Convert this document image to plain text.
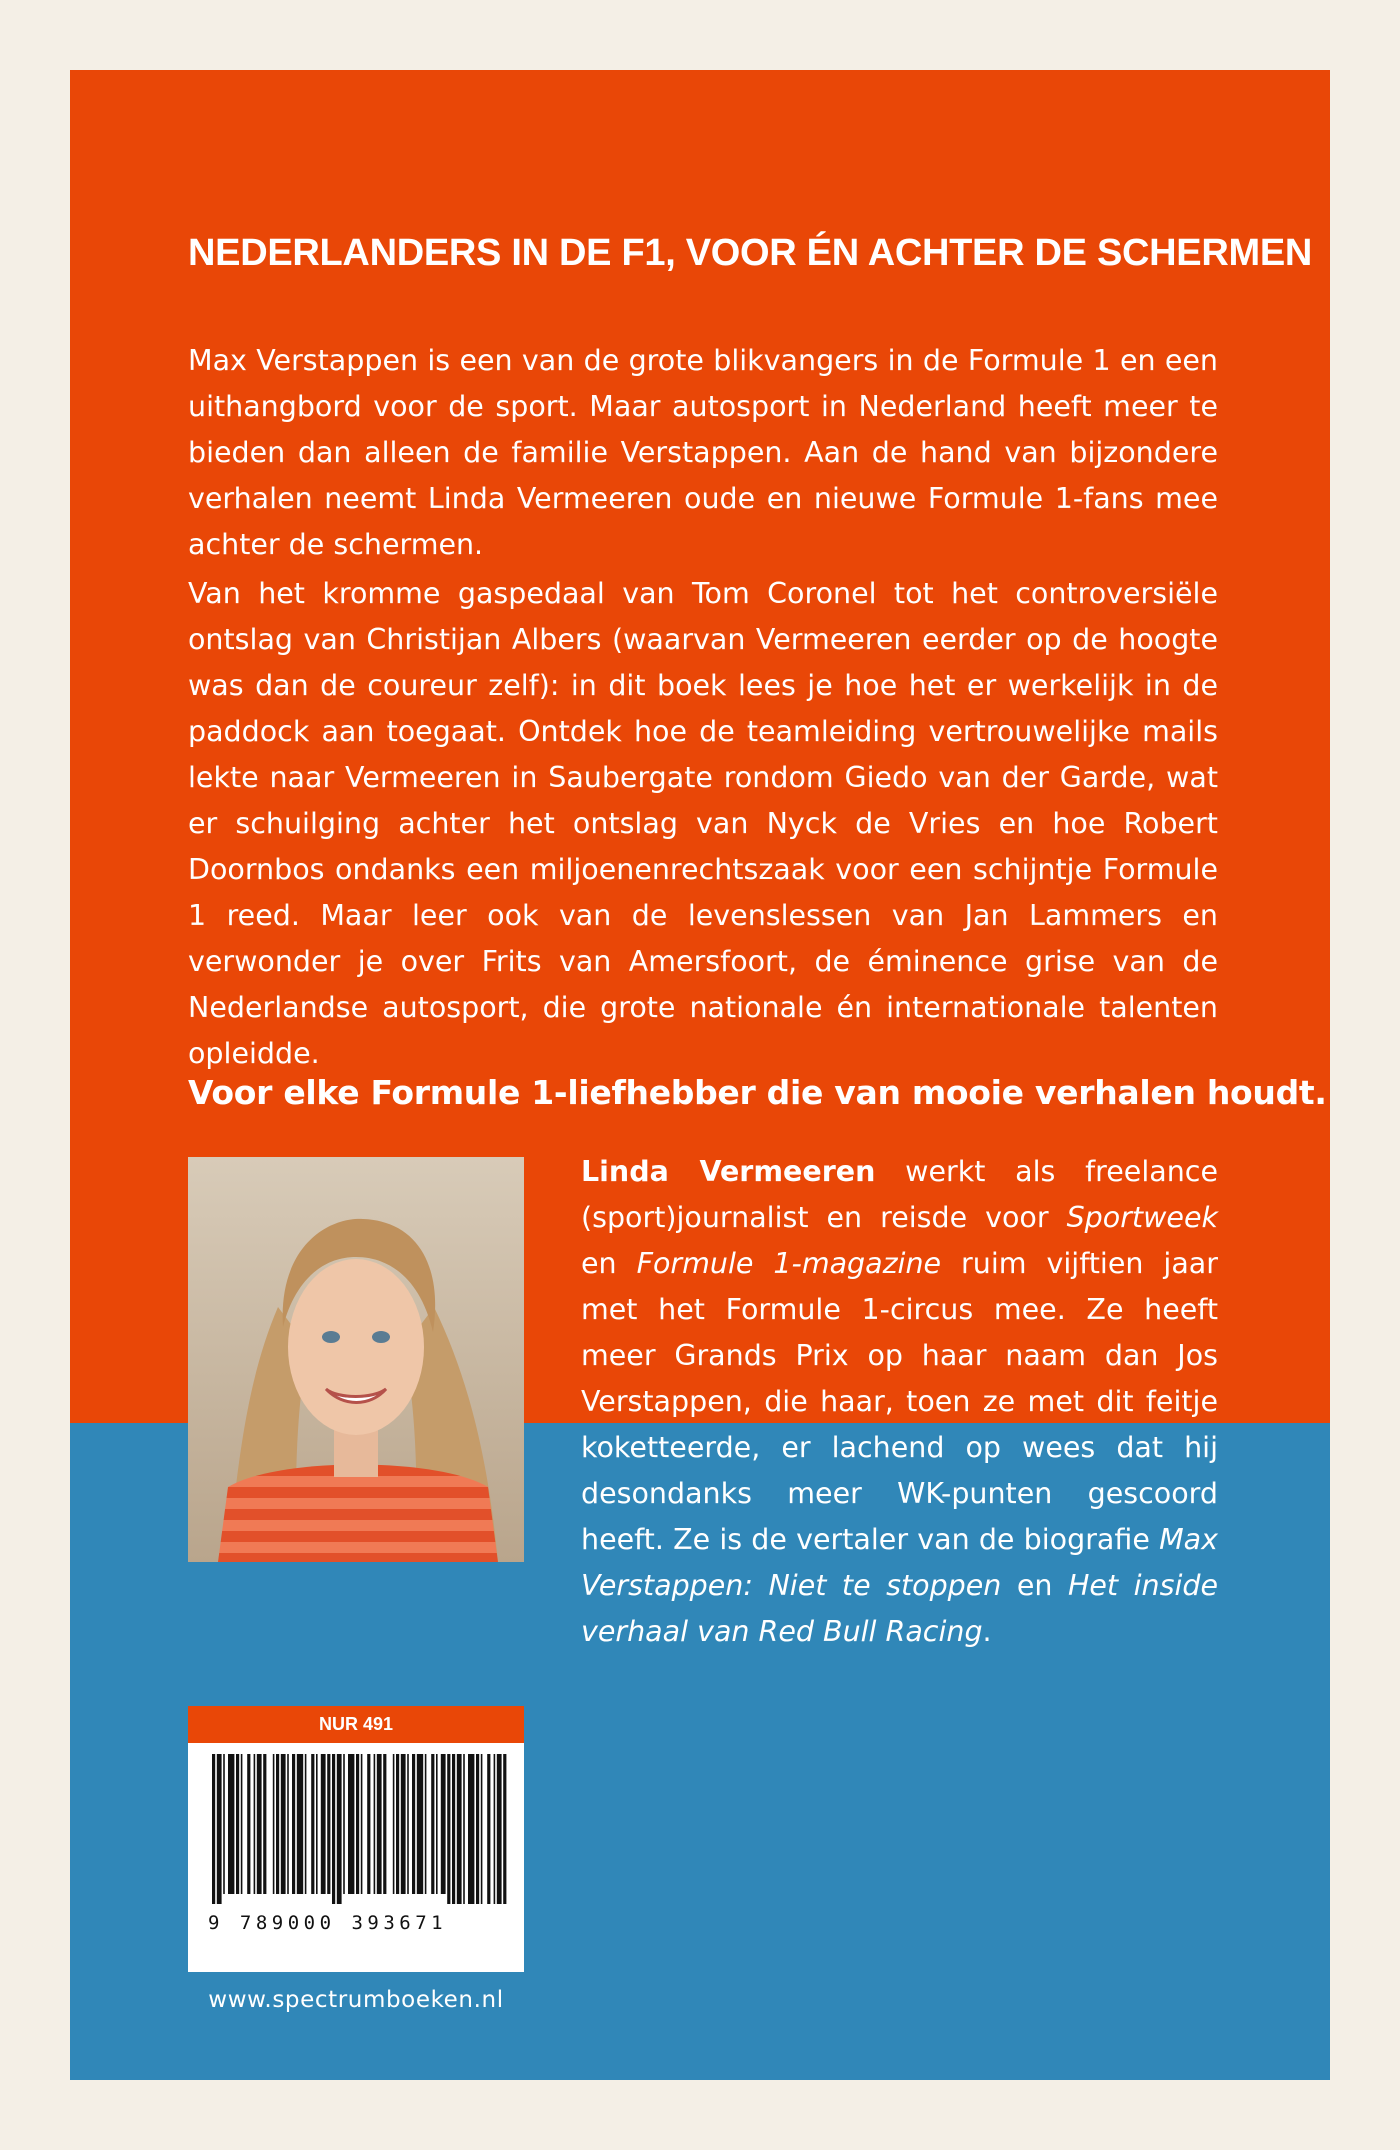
NEDERLANDERS IN DE F1, VOOR ÉN ACHTER DE SCHERMEN

Max Verstappen is een van de grote blikvangers in de Formule 1 en een uithangbord voor de sport. Maar autosport in Nederland heeft meer te bieden dan alleen de familie Verstappen. Aan de hand van bijzondere verhalen neemt Linda Vermeeren oude en nieuwe Formule 1-fans mee achter de schermen.

Van het kromme gaspedaal van Tom Coronel tot het controversiële ontslag van Christijan Albers (waarvan Vermeeren eerder op de hoogte was dan de coureur zelf): in dit boek lees je hoe het er werkelijk in de paddock aan toegaat. Ontdek hoe de teamleiding vertrouwelijke mails lekte naar Vermeeren in Saubergate rondom Giedo van der Garde, wat er schuilging achter het ontslag van Nyck de Vries en hoe Robert Doornbos ondanks een miljoenenrechtszaak voor een schijntje Formule 1 reed. Maar leer ook van de levenslessen van Jan Lammers en verwonder je over Frits van Amersfoort, de éminence grise van de Nederlandse autosport, die grote nationale én internationale talenten opleidde.

Voor elke Formule 1-liefhebber die van mooie verhalen houdt.

Linda Vermeeren werkt als freelance (sport)journalist en reisde voor Sportweek en Formule 1-magazine ruim vijftien jaar met het Formule 1-circus mee. Ze heeft meer Grands Prix op haar naam dan Jos Verstappen, die haar, toen ze met dit feitje koketteerde, er lachend op wees dat hij desondanks meer WK-punten gescoord heeft. Ze is de vertaler van de biografie Max Verstappen: Niet te stoppen en Het inside verhaal van Red Bull Racing.

NUR 491
9 789000 393671
www.spectrumboeken.nl
